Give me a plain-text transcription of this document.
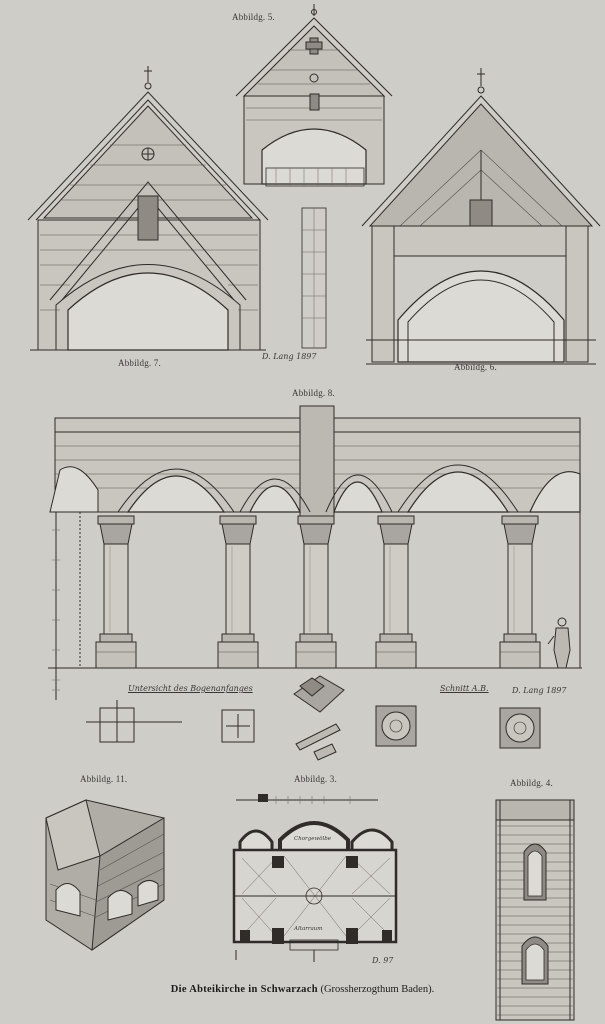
Abbildg. 5.
Abbildg. 7.	Abbildg. 6.
Abbildg. 8.
Abbildg. 11.	Abbildg. 3.	Abbildg. 4.
D. Lang 1897
Untersicht des Bogenanfanges	Schnitt A.B.	D. Lang 1897
D. 97
Chorgewölbe
Altarraum
Die Abteikirche in Schwarzach (Grossherzogthum Baden).
